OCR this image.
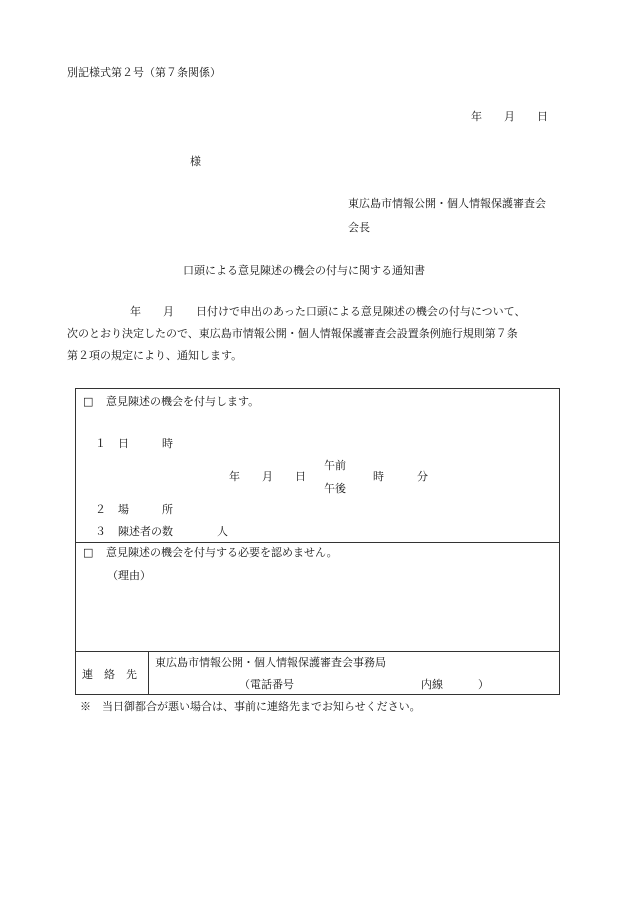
別記様式第２号（第７条関係）
年　　月　　日
様
東広島市情報公開・個人情報保護審査会
会長
口頭による意見陳述の機会の付与に関する通知書
年　　月　　日付けで申出のあった口頭による意見陳述の機会の付与について、
次のとおり決定したので、東広島市情報公開・個人情報保護審査会設置条例施行規則第７条
第２項の規定により、通知します。
□ 意見陳述の機会を付与します。
１ 日　　　時
年　　月　　日
午前
午後
時　　　分
２ 場　　　所
３ 陳述者の数	人
□ 意見陳述の機会を付与する必要を認めません。
（理由）
連　絡　先
東広島市情報公開・個人情報保護審査会事務局
（電話番号	内線	）
※　当日御都合が悪い場合は、事前に連絡先までお知らせください。
